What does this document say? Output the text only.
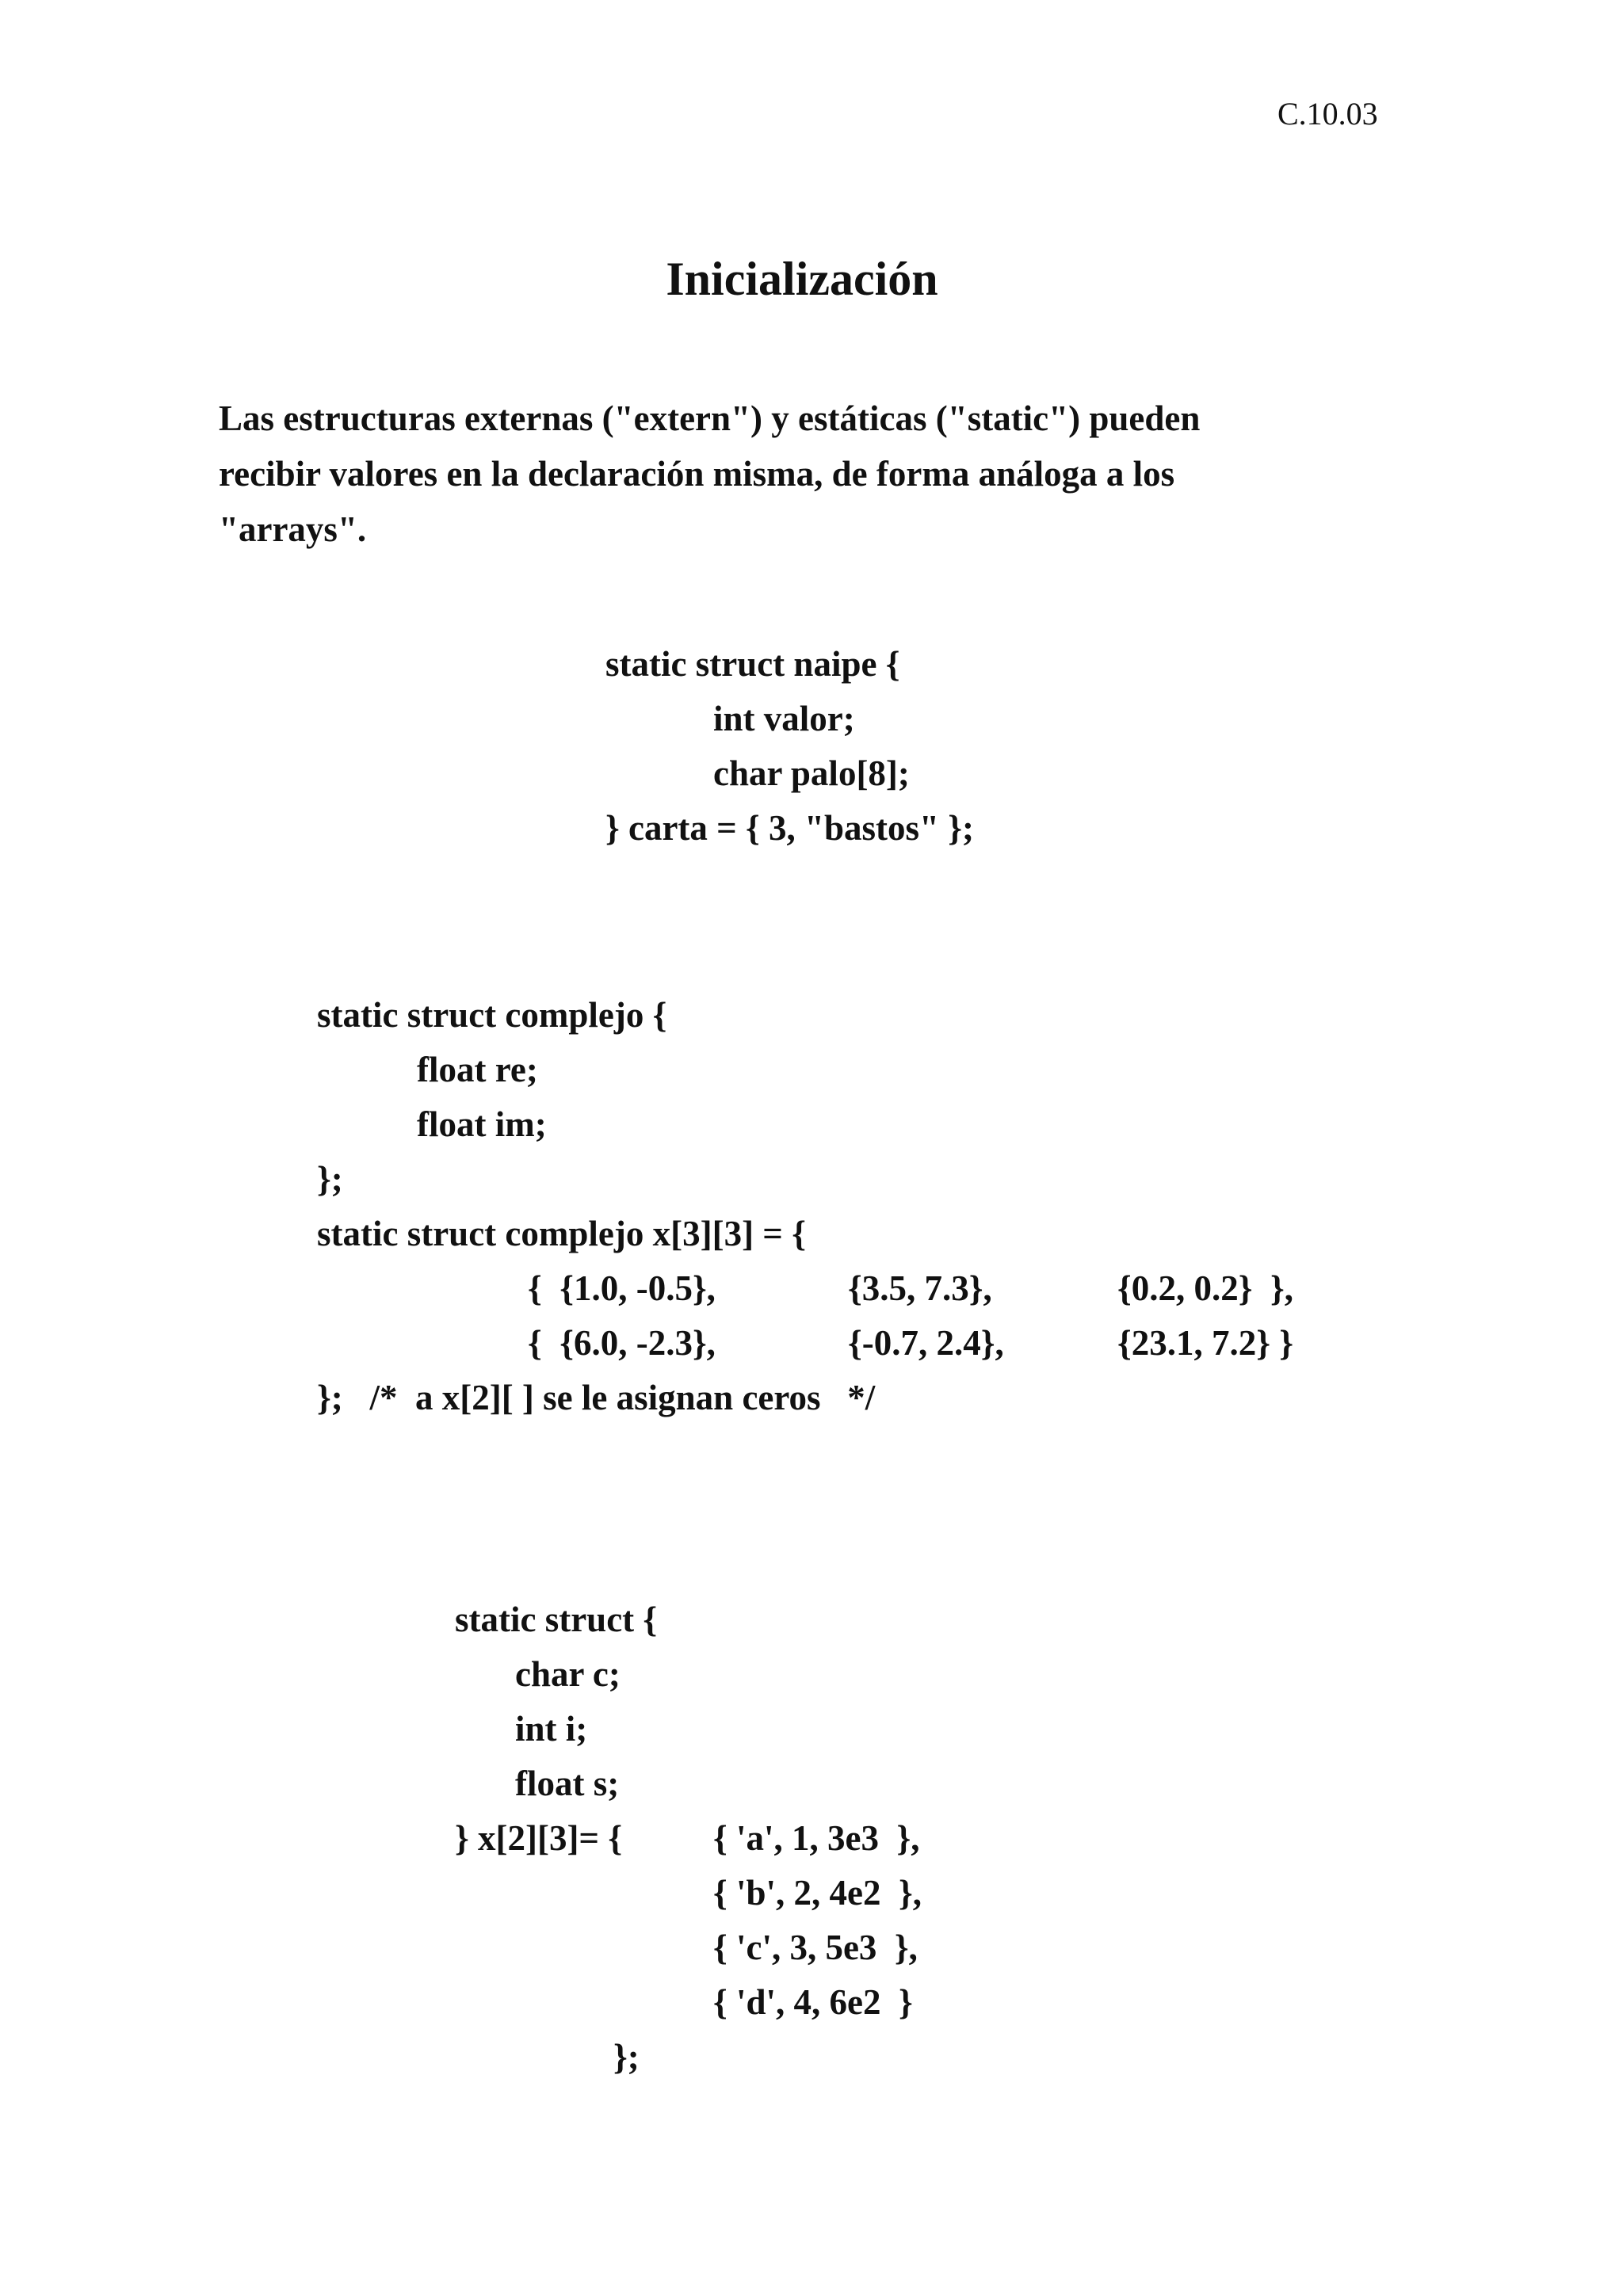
C.10.03
Inicialización
Las estructuras externas ("extern") y estáticas ("static") pueden
recibir valores en la declaración misma, de forma análoga a los
"arrays".
static struct naipe {
int valor;
char palo[8];
} carta = { 3, "bastos" };
static struct complejo {
float re;
float im;
};
static struct complejo x[3][3] = {
{  {1.0, -0.5},	{3.5, 7.3},	{0.2, 0.2}  },
{  {6.0, -2.3},	{-0.7, 2.4},	{23.1, 7.2} }
};   /*  a x[2][ ] se le asignan ceros   */
static struct {
char c;
int i;
float s;
} x[2][3]= {	{ 'a', 1, 3e3  },
{ 'b', 2, 4e2  },
{ 'c', 3, 5e3  },
{ 'd', 4, 6e2  }
};
